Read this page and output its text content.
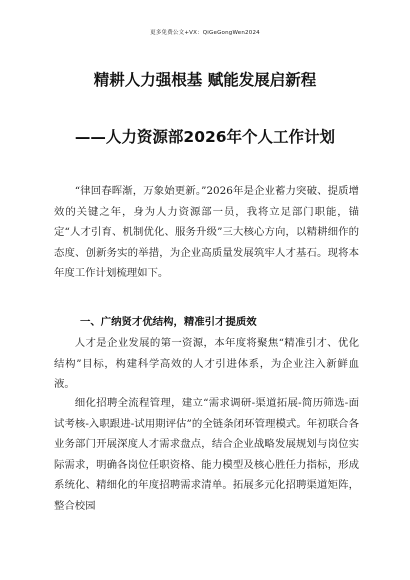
更多免费公文+VX：QiGeGongWen2024
精耕人力强根基 赋能发展启新程
——人力资源部2026年个人工作计划
“律回春晖渐，万象始更新。”2026年是企业蓄力突破、提质增效的关键之年，身为人力资源部一员，我将立足部门职能，锚定“人才引育、机制优化、服务升级”三大核心方向，以精耕细作的态度、创新务实的举措，为企业高质量发展筑牢人才基石。现将本年度工作计划梳理如下。
一、广纳贤才优结构，精准引才提质效
人才是企业发展的第一资源，本年度将聚焦“精准引才、优化结构”目标，构建科学高效的人才引进体系，为企业注入新鲜血液。
细化招聘全流程管理，建立“需求调研-渠道拓展-简历筛选-面试考核-入职跟进-试用期评估”的全链条闭环管理模式。年初联合各业务部门开展深度人才需求盘点，结合企业战略发展规划与岗位实际需求，明确各岗位任职资格、能力模型及核心胜任力指标，形成系统化、精细化的年度招聘需求清单。拓展多元化招聘渠道矩阵，整合校园
